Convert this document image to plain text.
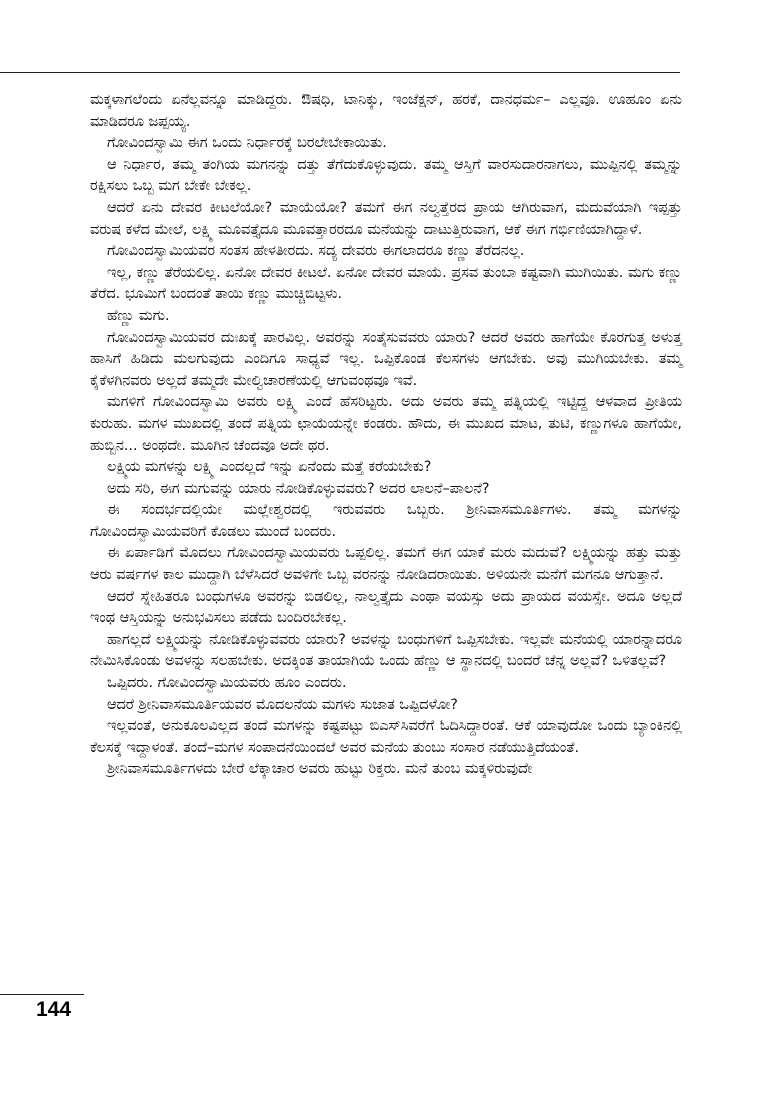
ಮಕ್ಕಳಾಗಲೆಂದು ಏನೆಲ್ಲವನ್ನೂ ಮಾಡಿದ್ದರು. ಔಷಧಿ, ಟಾನಿಕ್ಕು, ಇಂಜೆಕ್ಷನ್, ಹರಕೆ, ದಾನಧರ್ಮ– ಎಲ್ಲವೂ. ಊಹೂಂ ಏನು ಮಾಡಿದರೂ ಜಪ್ಪಯ್ಯ.

ಗೋವಿಂದಸ್ವಾಮಿ ಈಗ ಒಂದು ನಿರ್ಧಾರಕ್ಕೆ ಬರಲೇಬೇಕಾಯಿತು.

ಆ ನಿರ್ಧಾರ, ತಮ್ಮ ತಂಗಿಯ ಮಗನನ್ನು ದತ್ತು ತೆಗೆದುಕೊಳ್ಳುವುದು. ತಮ್ಮ ಆಸ್ತಿಗೆ ವಾರಸುದಾರನಾಗಲು, ಮುಪ್ಪಿನಲ್ಲಿ ತಮ್ಮನ್ನು ರಕ್ಷಿಸಲು ಒಬ್ಬ ಮಗ ಬೇಕೇ ಬೇಕಲ್ಲ.

ಆದರೆ ಏನು ದೇವರ ಕೀಟಲೆಯೋ? ಮಾಯೆಯೋ? ತಮಗೆ ಈಗ ನಲ್ವತ್ತೆರದ ಪ್ರಾಯ ಆಗಿರುವಾಗ, ಮದುವೆಯಾಗಿ ಇಪ್ಪತ್ತು ವರುಷ ಕಳೆದ ಮೇಲೆ, ಲಕ್ಷ್ಮಿ ಮೂವತ್ತೈದೂ ಮೂವತ್ತಾರರದೂ ಮನೆಯನ್ನು ದಾಟುತ್ತಿರುವಾಗ, ಆಕೆ ಈಗ ಗರ್ಭಿಣಿಯಾಗಿದ್ದಾಳೆ.

ಗೋವಿಂದಸ್ವಾಮಿಯವರ ಸಂತಸ ಹೇಳತೀರದು. ಸದ್ಯ ದೇವರು ಈಗಲಾದರೂ ಕಣ್ಣು ತೆರೆದನಲ್ಲ.

ಇಲ್ಲ, ಕಣ್ಣು ತೆರೆಯಲಿಲ್ಲ. ಏನೋ ದೇವರ ಕೀಟಲೆ. ಏನೋ ದೇವರ ಮಾಯೆ. ಪ್ರಸವ ತುಂಬಾ ಕಷ್ಟವಾಗಿ ಮುಗಿಯಿತು. ಮಗು ಕಣ್ಣು ತೆರೆದ. ಭೂಮಿಗೆ ಬಂದಂತೆ ತಾಯಿ ಕಣ್ಣು ಮುಚ್ಚಿಬಿಟ್ಟಳು.

ಹೆಣ್ಣು ಮಗು.

ಗೋವಿಂದಸ್ವಾಮಿಯವರ ದುಃಖಕ್ಕೆ ಪಾರವಿಲ್ಲ. ಅವರನ್ನು ಸಂತೈಸುವವರು ಯಾರು? ಆದರೆ ಅವರು ಹಾಗೆಯೇ ಕೊರಗುತ್ತ ಅಳುತ್ತ ಹಾಸಿಗೆ ಹಿಡಿದು ಮಲಗುವುದು ಎಂದಿಗೂ ಸಾಧ್ಯವೆ ಇಲ್ಲ. ಒಪ್ಪಿಕೊಂಡ ಕೆಲಸಗಳು ಆಗಬೇಕು. ಅವು ಮುಗಿಯಬೇಕು. ತಮ್ಮ ಕೈಕೆಳಗಿನವರು ಅಲ್ಲದೆ ತಮ್ಮದೇ ಮೇಲ್ವಿಚಾರಣೆಯಲ್ಲಿ ಆಗುವಂಥವೂ ಇವೆ.

ಮಗಳಿಗೆ ಗೋವಿಂದಸ್ವಾಮಿ ಅವರು ಲಕ್ಷ್ಮಿ ಎಂದೆ ಹೆಸರಿಟ್ಟರು. ಅದು ಅವರು ತಮ್ಮ ಪತ್ನಿಯಲ್ಲಿ ಇಟ್ಟಿದ್ದ ಆಳವಾದ ಪ್ರೀತಿಯ ಕುರುಹು. ಮಗಳ ಮುಖದಲ್ಲಿ ತಂದೆ ಪತ್ನಿಯ ಛಾಯೆಯನ್ನೇ ಕಂಡರು. ಹೌದು, ಈ ಮುಖದ ಮಾಟ, ತುಟಿ, ಕಣ್ಣುಗಳೂ ಹಾಗೆಯೇ, ಹುಬ್ಬಿನ... ಅಂಥದೇ. ಮೂಗಿನ ಚೆಂದವೂ ಅದೇ ಥರ.

ಲಕ್ಷ್ಮಿಯ ಮಗಳನ್ನು ಲಕ್ಷ್ಮಿ ಎಂದಲ್ಲದೆ ಇನ್ನು ಏನೆಂದು ಮತ್ತೆ ಕರೆಯಬೇಕು?

ಅದು ಸರಿ, ಈಗ ಮಗುವನ್ನು ಯಾರು ನೋಡಿಕೊಳ್ಳುವವರು? ಅದರ ಲಾಲನೆ–ಪಾಲನೆ?

ಈ ಸಂದರ್ಭದಲ್ಲಿಯೇ ಮಲ್ಲೇಶ್ವರದಲ್ಲಿ ಇರುವವರು ಒಬ್ಬರು. ಶ್ರೀನಿವಾಸಮೂರ್ತಿಗಳು. ತಮ್ಮ ಮಗಳನ್ನು ಗೋವಿಂದಸ್ವಾಮಿಯವರಿಗೆ ಕೊಡಲು ಮುಂದೆ ಬಂದರು.

ಈ ಏರ್ಪಾಡಿಗೆ ಮೊದಲು ಗೋವಿಂದಸ್ವಾಮಿಯವರು ಒಪ್ಪಲಿಲ್ಲ. ತಮಗೆ ಈಗ ಯಾಕೆ ಮರು ಮದುವೆ? ಲಕ್ಷ್ಮಿಯನ್ನು ಹತ್ತು ಮತ್ತು ಆರು ವರ್ಷಗಳ ಕಾಲ ಮುದ್ದಾಗಿ ಬೆಳೆಸಿದರೆ ಅವಳಿಗೇ ಒಬ್ಬ ವರನನ್ನು ನೋಡಿದರಾಯಿತು. ಅಳಿಯನೇ ಮನೆಗೆ ಮಗನೂ ಆಗುತ್ತಾನೆ.

ಆದರೆ ಸ್ನೇಹಿತರೂ ಬಂಧುಗಳೂ ಅವರನ್ನು ಬಿಡಲಿಲ್ಲ, ನಾಲ್ವತ್ತೈದು ಎಂಥಾ ವಯಸ್ಸು ಅದು ಪ್ರಾಯದ ವಯಸ್ಸೇ. ಅದೂ ಅಲ್ಲದೆ ಇಂಥ ಆಸ್ತಿಯನ್ನು ಅನುಭವಿಸಲು ಪಡೆದು ಬಂದಿರಬೇಕಲ್ಲ.

ಹಾಗಲ್ಲದೆ ಲಕ್ಷ್ಮಿಯನ್ನು ನೋಡಿಕೊಳ್ಳುವವರು ಯಾರು? ಅವಳನ್ನು ಬಂಧುಗಳಿಗೆ ಒಪ್ಪಿಸಬೇಕು. ಇಲ್ಲವೇ ಮನೆಯಲ್ಲಿ ಯಾರನ್ನಾದರೂ ನೇಮಿಸಿಕೊಂಡು ಅವಳನ್ನು ಸಲಹಬೇಕು. ಅದಕ್ಕಿಂತ ತಾಯಾಗಿಯೆ ಒಂದು ಹೆಣ್ಣು ಆ ಸ್ಥಾನದಲ್ಲಿ ಬಂದರೆ ಚೆನ್ನ ಅಲ್ಲವೆ? ಒಳಿತಲ್ಲವೆ?

ಒಪ್ಪಿದರು. ಗೋವಿಂದಸ್ವಾಮಿಯವರು ಹೂಂ ಎಂದರು.

ಆದರೆ ಶ್ರೀನಿವಾಸಮೂರ್ತಿಯವರ ಮೊದಲನೆಯ ಮಗಳು ಸುಜಾತ ಒಪ್ಪಿದಳೋ?

ಇಲ್ಲವಂತೆ, ಅನುಕೂಲವಿಲ್ಲದ ತಂದೆ ಮಗಳನ್ನು ಕಷ್ಟಪಟ್ಟು ಬಿಎಸ್‌ಸಿವರೆಗೆ ಓದಿಸಿದ್ದಾರಂತೆ. ಆಕೆ ಯಾವುದೋ ಒಂದು ಬ್ಯಾಂಕಿನಲ್ಲಿ ಕೆಲಸಕ್ಕೆ ಇದ್ದಾಳಂತೆ. ತಂದೆ–ಮಗಳ ಸಂಪಾದನೆಯಿಂದಲೆ ಅವರ ಮನೆಯ ತುಂಬು ಸಂಸಾರ ನಡೆಯುತ್ತಿದೆಯಂತೆ.

ಶ್ರೀನಿವಾಸಮೂರ್ತಿಗಳದು ಬೇರೆ ಲೆಕ್ಕಾಚಾರ ಅವರು ಹುಟ್ಟು ರಿಕ್ತರು. ಮನೆ ತುಂಬ ಮಕ್ಕಳಿರುವುದೇ

144
